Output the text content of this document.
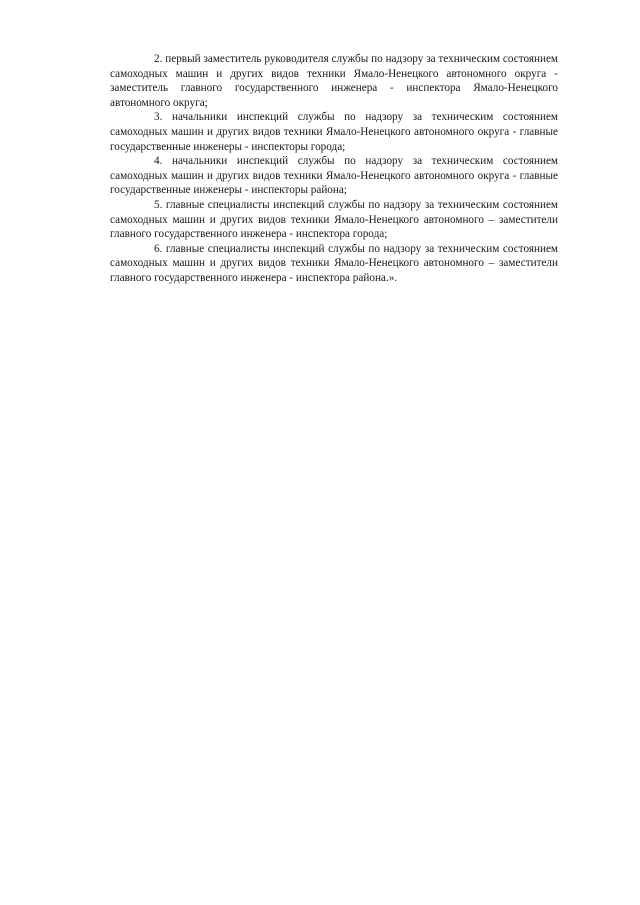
2. первый заместитель руководителя службы по надзору за техническим состоянием самоходных машин и других видов техники Ямало-Ненецкого автономного округа - заместитель главного государственного инженера - инспектора Ямало-Ненецкого автономного округа;

3. начальники инспекций службы по надзору за техническим состоянием самоходных машин и других видов техники Ямало-Ненецкого автономного округа - главные государственные инженеры - инспекторы города;

4. начальники инспекций службы по надзору за техническим состоянием самоходных машин и других видов техники Ямало-Ненецкого автономного округа - главные государственные инженеры - инспекторы района;

5. главные специалисты инспекций службы по надзору за техническим состоянием самоходных машин и других видов техники Ямало-Ненецкого автономного – заместители главного государственного инженера - инспектора города;

6. главные специалисты инспекций службы по надзору за техническим состоянием самоходных машин и других видов техники Ямало-Ненецкого автономного – заместители главного государственного инженера - инспектора района.».
